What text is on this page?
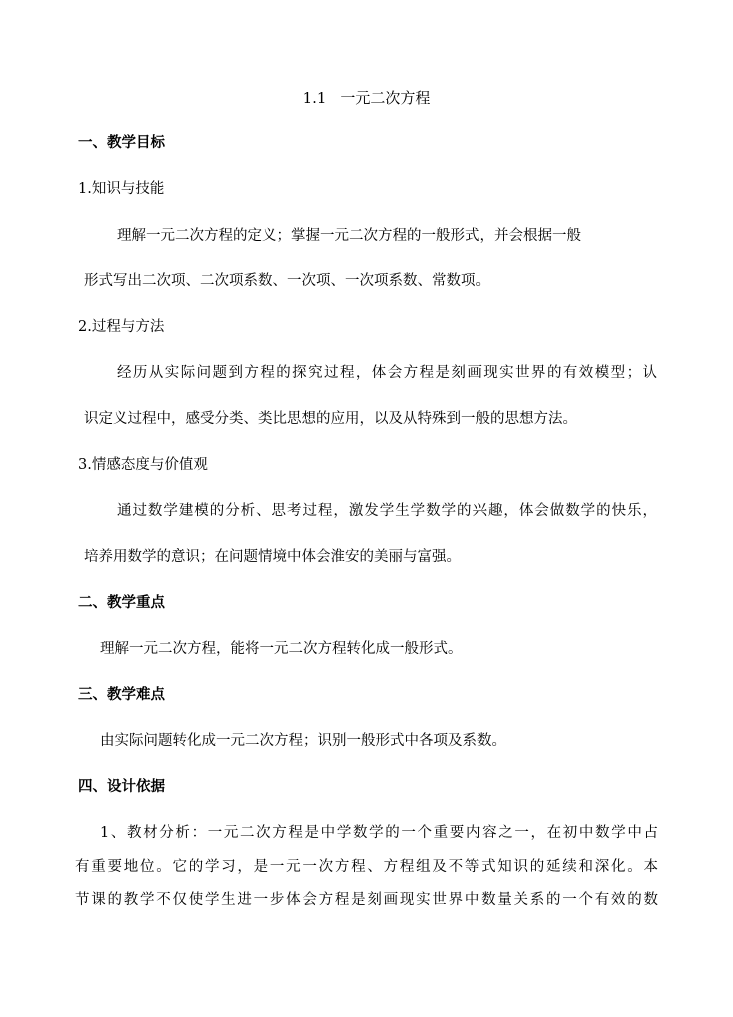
1.1 一元二次方程
一、教学目标
1.知识与技能
理解一元二次方程的定义；掌握一元二次方程的一般形式，并会根据一般
形式写出二次项、二次项系数、一次项、一次项系数、常数项。
2.过程与方法
经历从实际问题到方程的探究过程，体会方程是刻画现实世界的有效模型；认
识定义过程中，感受分类、类比思想的应用，以及从特殊到一般的思想方法。
3.情感态度与价值观
通过数学建模的分析、思考过程，激发学生学数学的兴趣，体会做数学的快乐，
培养用数学的意识；在问题情境中体会淮安的美丽与富强。
二、教学重点
理解一元二次方程，能将一元二次方程转化成一般形式。
三、教学难点
由实际问题转化成一元二次方程；识别一般形式中各项及系数。
四、设计依据
1、教材分析：一元二次方程是中学数学的一个重要内容之一，在初中数学中占
有重要地位。它的学习，是一元一次方程、方程组及不等式知识的延续和深化。本
节课的教学不仅使学生进一步体会方程是刻画现实世界中数量关系的一个有效的数
